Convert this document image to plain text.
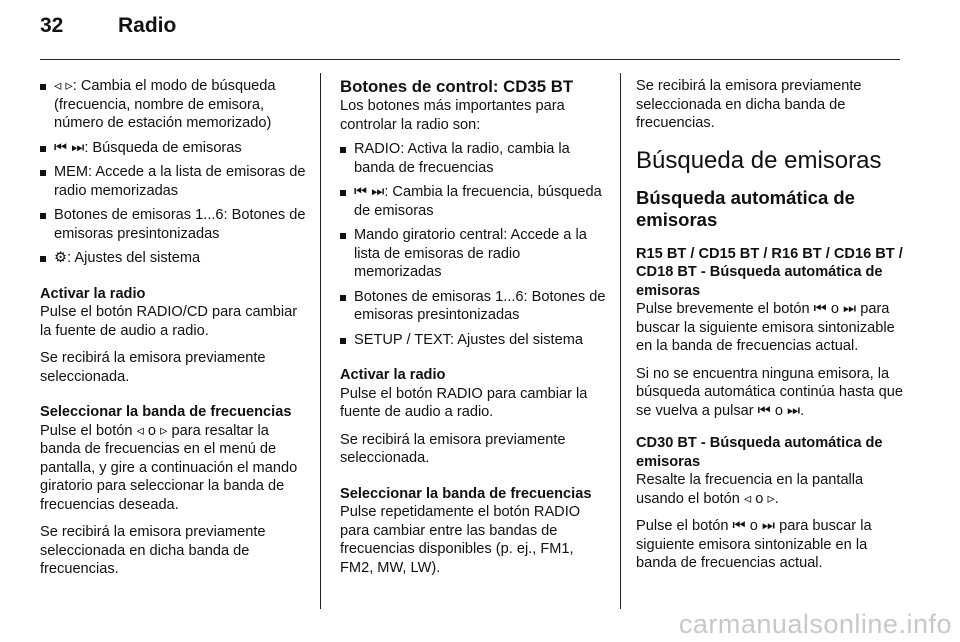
32	Radio
◃ ▹: Cambia el modo de búsqueda (frecuencia, nombre de emisora, número de estación memorizado)
⏮ ⏭: Búsqueda de emisoras
MEM: Accede a la lista de emisoras de radio memorizadas
Botones de emisoras 1...6: Botones de emisoras presintonizadas
⚙: Ajustes del sistema

Activar la radio

Pulse el botón RADIO/CD para cambiar la fuente de audio a radio.

Se recibirá la emisora previamente seleccionada.

Seleccionar la banda de frecuencias

Pulse el botón ◃ o ▹ para resaltar la banda de frecuencias en el menú de pantalla, y gire a continuación el mando giratorio para seleccionar la banda de frecuencias deseada.

Se recibirá la emisora previamente seleccionada en dicha banda de frecuencias.

Botones de control: CD35 BT

Los botones más importantes para controlar la radio son:

RADIO: Activa la radio, cambia la banda de frecuencias
⏮ ⏭: Cambia la frecuencia, búsqueda de emisoras
Mando giratorio central: Accede a la lista de emisoras de radio memorizadas
Botones de emisoras 1...6: Botones de emisoras presintonizadas
SETUP / TEXT: Ajustes del sistema

Activar la radio

Pulse el botón RADIO para cambiar la fuente de audio a radio.

Se recibirá la emisora previamente seleccionada.

Seleccionar la banda de frecuencias

Pulse repetidamente el botón RADIO para cambiar entre las bandas de frecuencias disponibles (p. ej., FM1, FM2, MW, LW).

Se recibirá la emisora previamente seleccionada en dicha banda de frecuencias.

Búsqueda de emisoras

Búsqueda automática de emisoras

R15 BT / CD15 BT / R16 BT / CD16 BT / CD18 BT - Búsqueda automática de emisoras

Pulse brevemente el botón ⏮ o ⏭ para buscar la siguiente emisora sintonizable en la banda de frecuencias actual.

Si no se encuentra ninguna emisora, la búsqueda automática continúa hasta que se vuelva a pulsar ⏮ o ⏭.

CD30 BT - Búsqueda automática de emisoras

Resalte la frecuencia en la pantalla usando el botón ◃ o ▹.

Pulse el botón ⏮ o ⏭ para buscar la siguiente emisora sintonizable en la banda de frecuencias actual.

carmanualsonline.info
